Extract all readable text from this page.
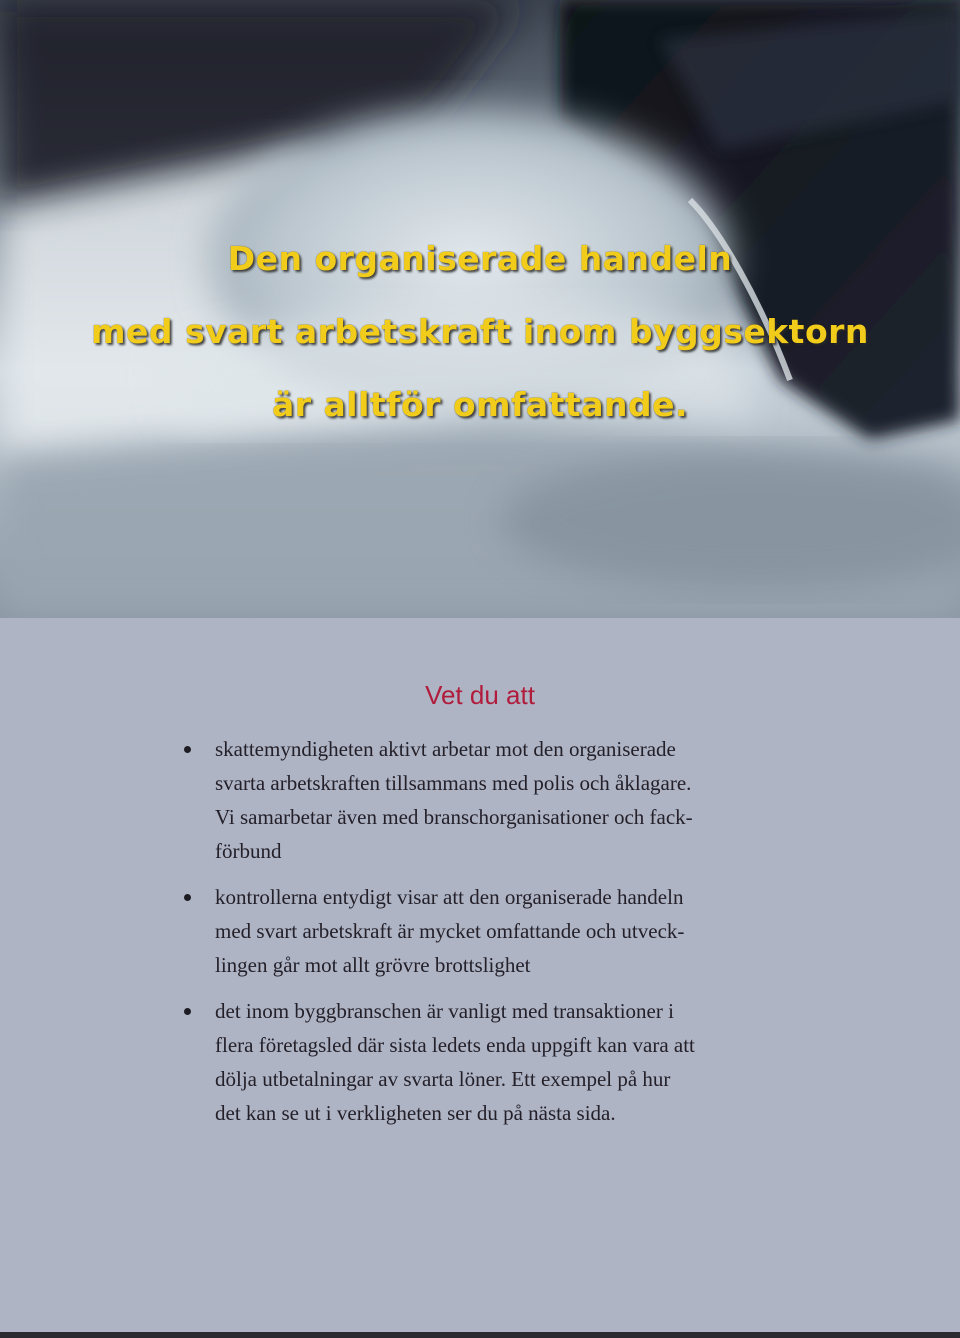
Den organiserade handeln
med svart arbetskraft inom byggsektorn
är alltför omfattande.
Vet du att
skattemyndigheten aktivt arbetar mot den organiserade
svarta arbetskraften tillsammans med polis och åklagare.
Vi samarbetar även med branschorganisationer och fack-
förbund
kontrollerna entydigt visar att den organiserade handeln
med svart arbetskraft är mycket omfattande och utveck-
lingen går mot allt grövre brottslighet
det inom byggbranschen är vanligt med transaktioner i
flera företagsled där sista ledets enda uppgift kan vara att
dölja utbetalningar av svarta löner. Ett exempel på hur
det kan se ut i verkligheten ser du på nästa sida.
